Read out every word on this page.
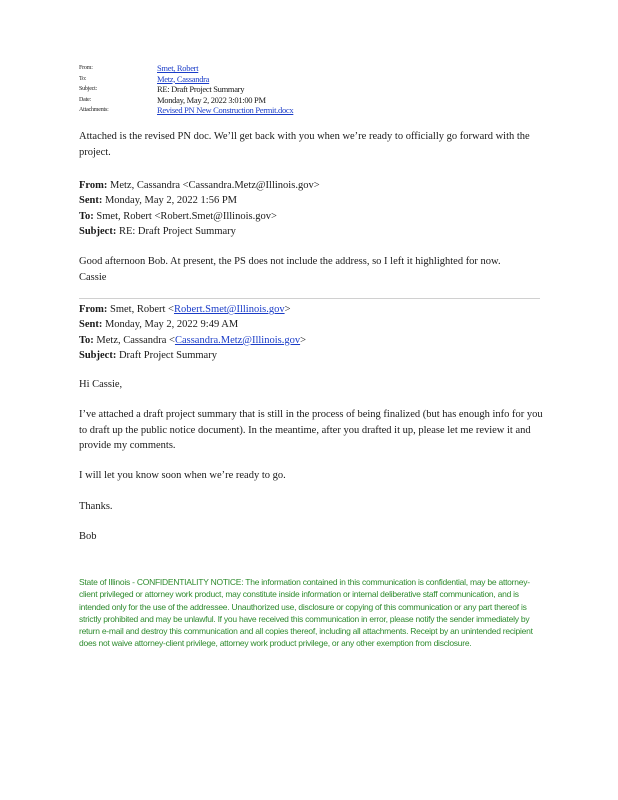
From:	Smet, Robert
To:	Metz, Cassandra
Subject:	RE: Draft Project Summary
Date:	Monday, May 2, 2022 3:01:00 PM
Attachments:	Revised PN New Construction Permit.docx
Attached is the revised PN doc. We’ll get back with you when we’re ready to officially go forward with the project.
From: Metz, Cassandra <Cassandra.Metz@Illinois.gov>
Sent: Monday, May 2, 2022 1:56 PM
To: Smet, Robert <Robert.Smet@Illinois.gov>
Subject: RE: Draft Project Summary
Good afternoon Bob. At present, the PS does not include the address, so I left it highlighted for now.
Cassie
From: Smet, Robert <Robert.Smet@Illinois.gov>
Sent: Monday, May 2, 2022 9:49 AM
To: Metz, Cassandra <Cassandra.Metz@Illinois.gov>
Subject: Draft Project Summary
Hi Cassie,
I’ve attached a draft project summary that is still in the process of being finalized (but has enough info for you to draft up the public notice document). In the meantime, after you drafted it up, please let me review it and provide my comments.
I will let you know soon when we’re ready to go.
Thanks.
Bob
State of Illinois - CONFIDENTIALITY NOTICE: The information contained in this communication is confidential, may be attorney-client privileged or attorney work product, may constitute inside information or internal deliberative staff communication, and is intended only for the use of the addressee. Unauthorized use, disclosure or copying of this communication or any part thereof is strictly prohibited and may be unlawful. If you have received this communication in error, please notify the sender immediately by return e-mail and destroy this communication and all copies thereof, including all attachments. Receipt by an unintended recipient does not waive attorney-client privilege, attorney work product privilege, or any other exemption from disclosure.
